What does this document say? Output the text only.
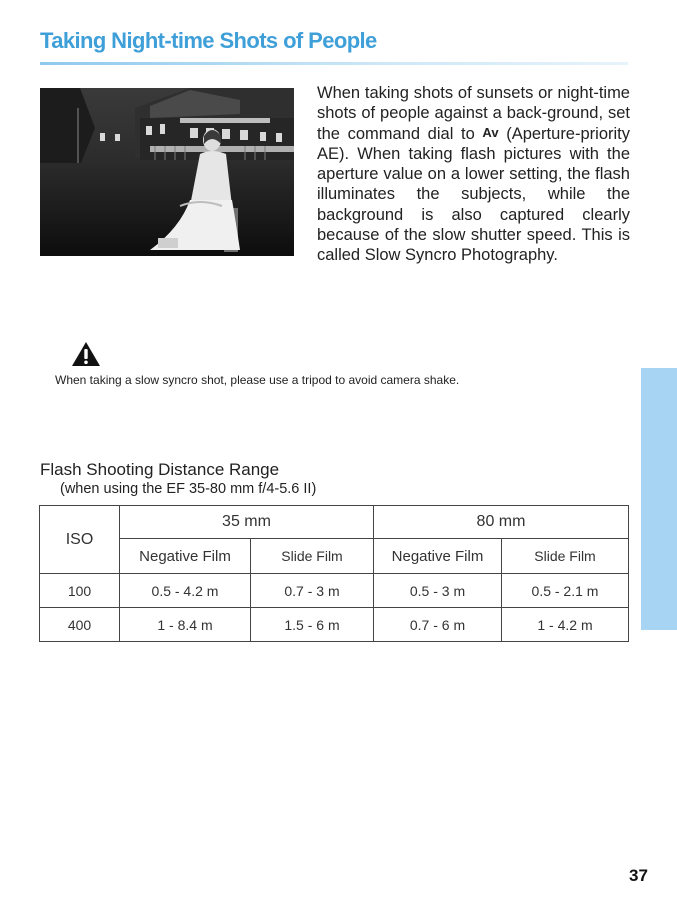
Taking Night-time Shots of People

When taking shots of sunsets or night-time shots of people against a back-ground, set the command dial to Av (Aperture-priority AE). When taking flash pictures with the aperture value on a lower setting, the flash illuminates the subjects, while the background is also captured clearly because of the slow shutter speed. This is called Slow Syncro Photography.

When taking a slow syncro shot, please use a tripod to avoid camera shake.

Flash Shooting Distance Range

(when using the EF 35-80 mm f/4-5.6 II)

ISO	35 mm		80 mm	
	Negative Film	Slide Film	Negative Film	Slide Film
100	0.5 - 4.2 m	0.7 - 3 m	0.5 - 3 m	0.5 - 2.1 m
400	1 - 8.4 m	1.5 - 6 m	0.7 - 6 m	1 - 4.2 m

37
